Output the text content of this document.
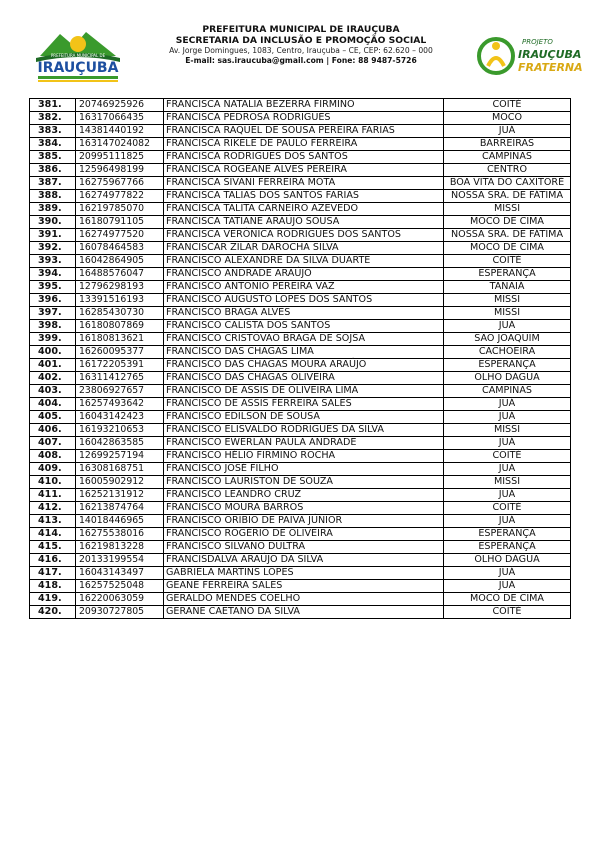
PREFEITURA MUNICIPAL DE
IRAUÇUBA
PREFEITURA MUNICIPAL DE IRAUÇUBA
SECRETARIA DA INCLUSÃO E PROMOÇÃO SOCIAL
Av. Jorge Domingues, 1083, Centro, Irauçuba – CE, CEP: 62.620 – 000
E-mail: sas.iraucuba@gmail.com | Fone: 88 9487-5726
PROJETO
IRAUÇUBA
FRATERNA
381.	20746925926	FRANCISCA NATALIA BEZERRA FIRMINO	COITÉ
382.	16317066435	FRANCISCA PEDROSA RODRIGUES	MOCÓ
383.	14381440192	FRANCISCA RAQUEL DE SOUSA PEREIRA FARIAS	JUÁ
384.	163147024082	FRANCISCA RIKELE DE PAULO FERREIRA	BARREIRAS
385.	20995111825	FRANCISCA RODRIGUES DOS SANTOS	CAMPINAS
386.	12596498199	FRANCISCA ROGEANE ALVES PEREIRA	CENTRO
387.	16275967766	FRANCISCA SIVANI FERREIRA MOTA	BOA VITA DO CAXITORÉ
388.	16274977822	FRANCISCA TALIAS DOS SANTOS FARIAS	NOSSA SRA. DE FÁTIMA
389.	16219785070	FRANCISCA TALITA CARNEIRO AZEVEDO	MISSI
390.	16180791105	FRANCISCA TATIANE ARAÚJO SOUSA	MOCÓ DE CIMA
391.	16274977520	FRANCISCA VERÔNICA RODRIGUES DOS SANTOS	NOSSA SRA. DE FÁTIMA
392.	16078464583	FRANCISCAR ZILAR DAROCHA SILVA	MOCÓ DE CIMA
393.	16042864905	FRANCISCO ALEXANDRE DA SILVA DUARTE	COITÉ
394.	16488576047	FRANCISCO ANDRADE ARAÚJO	ESPERANÇA
395.	12796298193	FRANCISCO ANTONIO PEREIRA VAZ	TANAIÁ
396.	13391516193	FRANCISCO AUGUSTO LOPES DOS SANTOS	MISSI
397.	16285430730	FRANCISCO BRAGA ALVES	MISSI
398.	16180807869	FRANCISCO CALISTA DOS SANTOS	JUÁ
399.	16180813621	FRANCISCO CRISTÓVÃO BRAGA DE SOJSA	SÃO JOAQUIM
400.	16260095377	FRANCISCO DAS CHAGAS LIMA	CACHOEIRA
401.	16172205391	FRANCISCO DAS CHAGAS MOURA ARAÚJO	ESPERANÇA
402.	16311412765	FRANCISCO DAS CHAGAS OLIVEIRA	OLHO DÁGUA
403.	23806927657	FRANCISCO DE ASSIS DE OLIVEIRA LIMA	CAMPINAS
404.	16257493642	FRANCISCO DE ASSIS FERREIRA SALES	JUÁ
405.	16043142423	FRANCISCO EDILSON DE SOUSA	JUÁ
406.	16193210653	FRANCISCO ELISVALDO RODRIGUES DA SILVA	MISSI
407.	16042863585	FRANCISCO EWERLAN PAULA ANDRADE	JUÁ
408.	12699257194	FRANCISCO HÉLIO FIRMINO ROCHA	COITÉ
409.	16308168751	FRANCISCO JOSÉ FILHO	JUÁ
410.	16005902912	FRANCISCO LAURISTON DE SOUZA	MISSI
411.	16252131912	FRANCISCO LEANDRO CRUZ	JUÁ
412.	16213874764	FRANCISCO MOURA BARROS	COITÉ
413.	14018446965	FRANCISCO ORIBIO DE PAIVA JÚNIOR	JUÁ
414.	16275538016	FRANCISCO ROGÉRIO DE OLIVEIRA	ESPERANÇA
415.	16219813228	FRANCISCO SILVANO DULTRA	ESPERANÇA
416.	20133199554	FRANCISDALVA ARAÚJO DA SILVA	OLHO DÁGUA
417.	16043143497	GABRIELA MARTINS LOPES	JUÁ
418.	16257525048	GEANE FERREIRA SALES	JUÁ
419.	16220063059	GERALDO MENDES COELHO	MOCÓ DE CIMA
420.	20930727805	GERANE CAETANO DA SILVA	COITÉ
